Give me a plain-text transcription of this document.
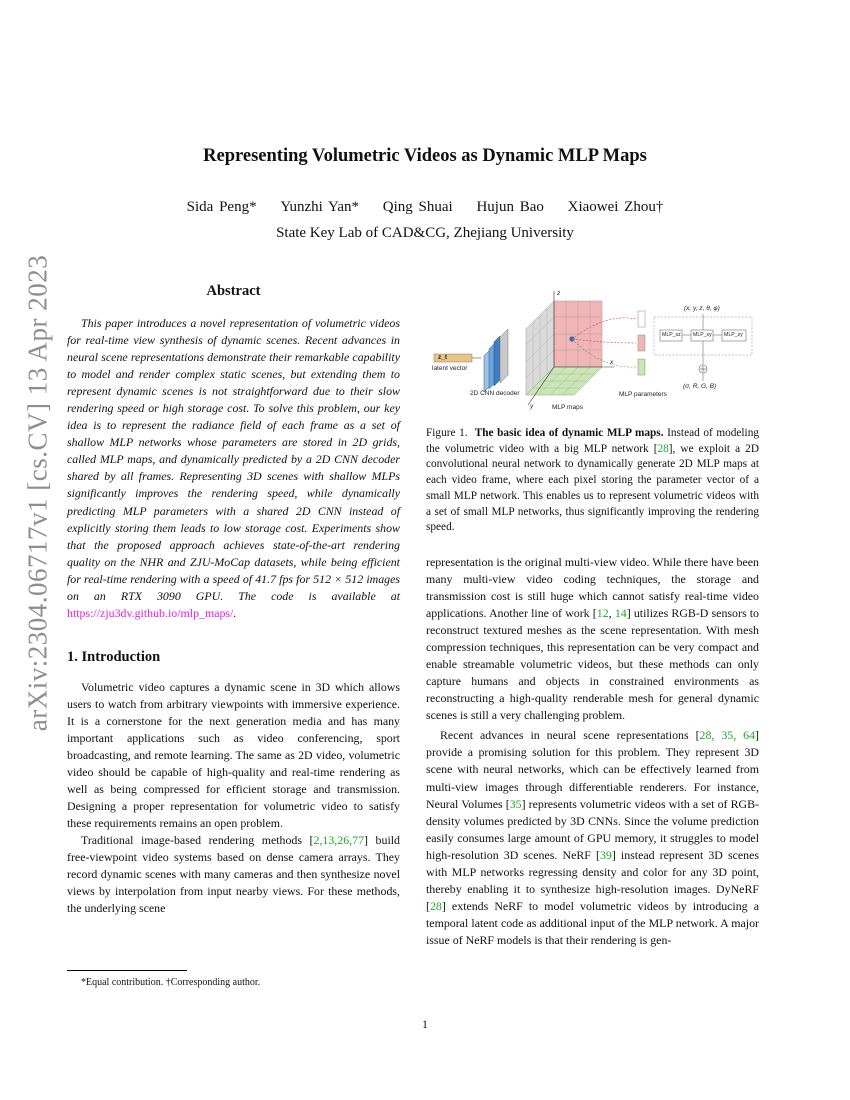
arXiv:2304.06717v1 [cs.CV] 13 Apr 2023
Representing Volumetric Videos as Dynamic MLP Maps
Sida Peng* Yunzhi Yan* Qing Shuai Hujun Bao Xiaowei Zhou†
State Key Lab of CAD&CG, Zhejiang University
Abstract

This paper introduces a novel representation of volumetric videos for real-time view synthesis of dynamic scenes. Recent advances in neural scene representations demonstrate their remarkable capability to model and render complex static scenes, but extending them to represent dynamic scenes is not straightforward due to their slow rendering speed or high storage cost. To solve this problem, our key idea is to represent the radiance field of each frame as a set of shallow MLP networks whose parameters are stored in 2D grids, called MLP maps, and dynamically predicted by a 2D CNN decoder shared by all frames. Representing 3D scenes with shallow MLPs significantly improves the rendering speed, while dynamically predicting MLP parameters with a shared 2D CNN instead of explicitly storing them leads to low storage cost. Experiments show that the proposed approach achieves state-of-the-art rendering quality on the NHR and ZJU-MoCap datasets, while being efficient for real-time rendering with a speed of 41.7 fps for 512 × 512 images on an RTX 3090 GPU. The code is available at https://zju3dv.github.io/mlp_maps/.

1. Introduction

Volumetric video captures a dynamic scene in 3D which allows users to watch from arbitrary viewpoints with immersive experience. It is a cornerstone for the next generation media and has many important applications such as video conferencing, sport broadcasting, and remote learning. The same as 2D video, volumetric video should be capable of high-quality and real-time rendering as well as being compressed for efficient storage and transmission. Designing a proper representation for volumetric video to satisfy these requirements remains an open problem.

Traditional image-based rendering methods [2,13,26,77] build free-viewpoint video systems based on dense camera arrays. They record dynamic scenes with many cameras and then synthesize novel views by interpolation from input nearby views. For these methods, the underlying scene

*Equal contribution. †Corresponding author.
z_t
latent vector
2D CNN decoder
MLP maps
MLP parameters
z
x
y
(x, y, z, θ, φ)
MLP_xz MLP_xy MLP_zy
(σ, R, G, B)

Figure 1. The basic idea of dynamic MLP maps. Instead of modeling the volumetric video with a big MLP network [28], we exploit a 2D convolutional neural network to dynamically generate 2D MLP maps at each video frame, where each pixel storing the parameter vector of a small MLP network. This enables us to represent volumetric videos with a set of small MLP networks, thus significantly improving the rendering speed.

representation is the original multi-view video. While there have been many multi-view video coding techniques, the storage and transmission cost is still huge which cannot satisfy real-time video applications. Another line of work [12, 14] utilizes RGB-D sensors to reconstruct textured meshes as the scene representation. With mesh compression techniques, this representation can be very compact and enable streamable volumetric videos, but these methods can only capture humans and objects in constrained environments as reconstructing a high-quality renderable mesh for general dynamic scenes is still a very challenging problem.

Recent advances in neural scene representations [28, 35, 64] provide a promising solution for this problem. They represent 3D scene with neural networks, which can be effectively learned from multi-view images through differentiable renderers. For instance, Neural Volumes [35] represents volumetric videos with a set of RGB-density volumes predicted by 3D CNNs. Since the volume prediction easily consumes large amount of GPU memory, it struggles to model high-resolution 3D scenes. NeRF [39] instead represent 3D scenes with MLP networks regressing density and color for any 3D point, thereby enabling it to synthesize high-resolution images. DyNeRF [28] extends NeRF to model volumetric videos by introducing a temporal latent code as additional input of the MLP network. A major issue of NeRF models is that their rendering is gen-

1
